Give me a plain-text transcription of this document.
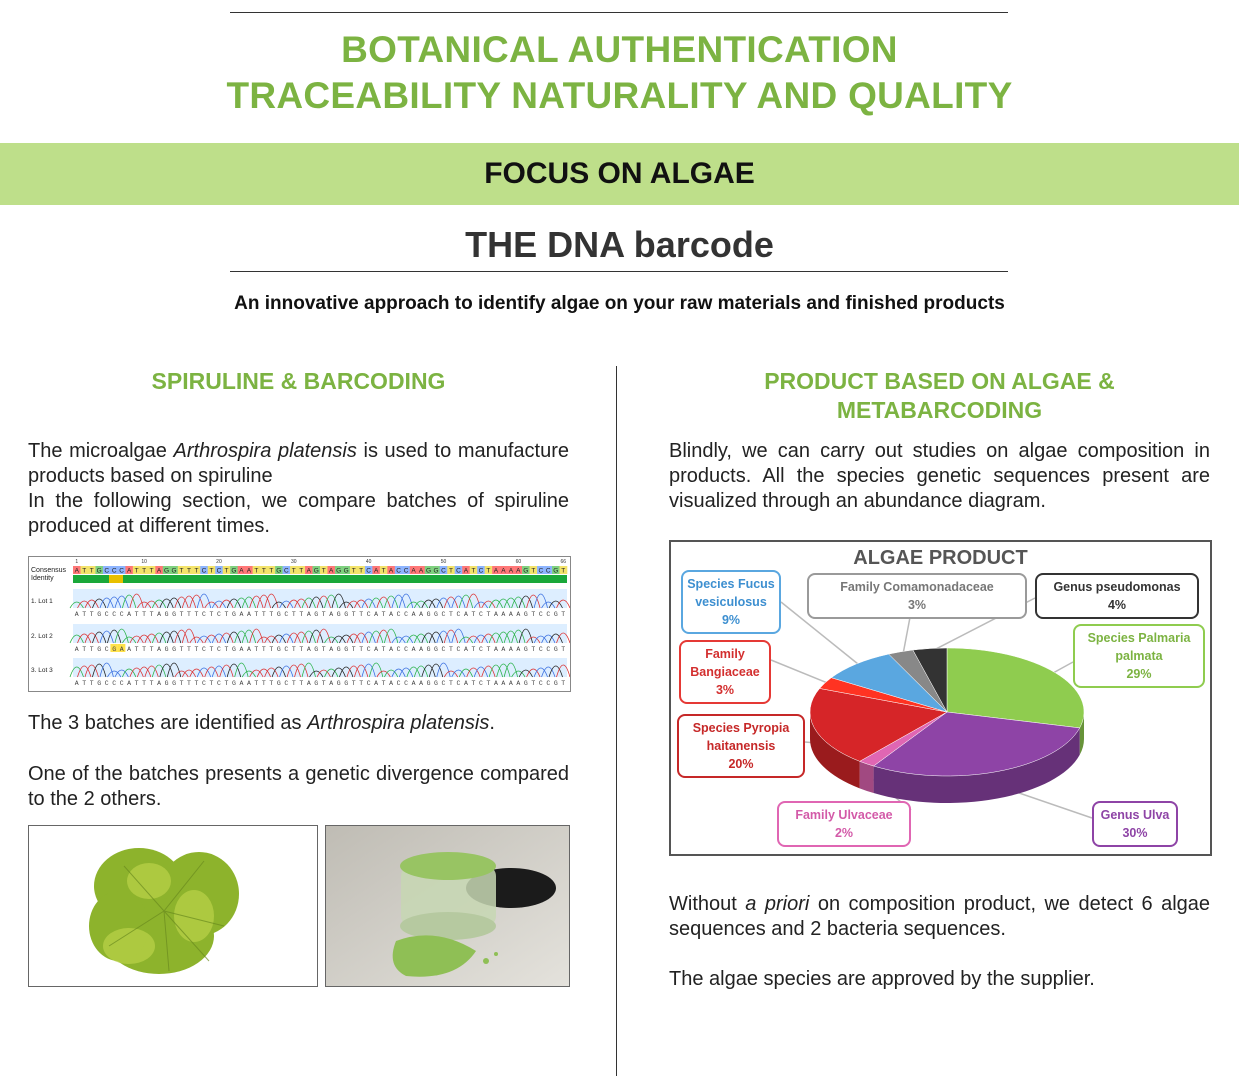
BOTANICAL AUTHENTICATION
TRACEABILITY NATURALITY AND QUALITY
FOCUS ON ALGAE
THE DNA barcode
An innovative approach to identify algae on your raw materials and finished products
SPIRULINE & BARCODING
The microalgae Arthrospira platensis is used to manufacture products based on spiruline
In the following section, we compare batches of spiruline produced at different times.
1	10	20	30	40	50	60	66
Consensus
Identity
A T T G C C C A T T T A G G T T T C T C T G A A T T T G C T T A G T A G G T T C A T A C C A A G G C T C A T C T A A A A G T C C G T
1. Lot 1
A T T G C C C A T T T A G G T T T C T C T G A A T T T G C T T A G T A G G T T C A T A C C A A G G C T C A T C T A A A A G T C C G T
2. Lot 2
A T T G C G A A T T T A G G T T T C T C T G A A T T T G C T T A G T A G G T T C A T A C C A A G G C T C A T C T A A A A G T C C G T
3. Lot 3
A T T G C C C A T T T A G G T T T C T C T G A A T T T G C T T A G T A G G T T C A T A C C A A G G C T C A T C T A A A A G T C C G T
The 3 batches are identified as Arthrospira platensis.
One of the batches presents a genetic divergence compared to the 2 others.
PRODUCT BASED ON ALGAE &
METABARCODING
Blindly, we can carry out studies on algae composition in products. All the species genetic sequences present are visualized through an abundance diagram.
ALGAE PRODUCT
Species Fucus
vesiculosus
9%
Family Comamonadaceae
3%
Genus pseudomonas
4%
Species Palmaria
palmata
29%
Family
Bangiaceae
3%
Species Pyropia
haitanensis
20%
Family Ulvaceae
2%
Genus Ulva
30%
Without a priori on composition product, we detect 6 algae sequences and 2 bacteria sequences.
The algae species are approved by the supplier.
